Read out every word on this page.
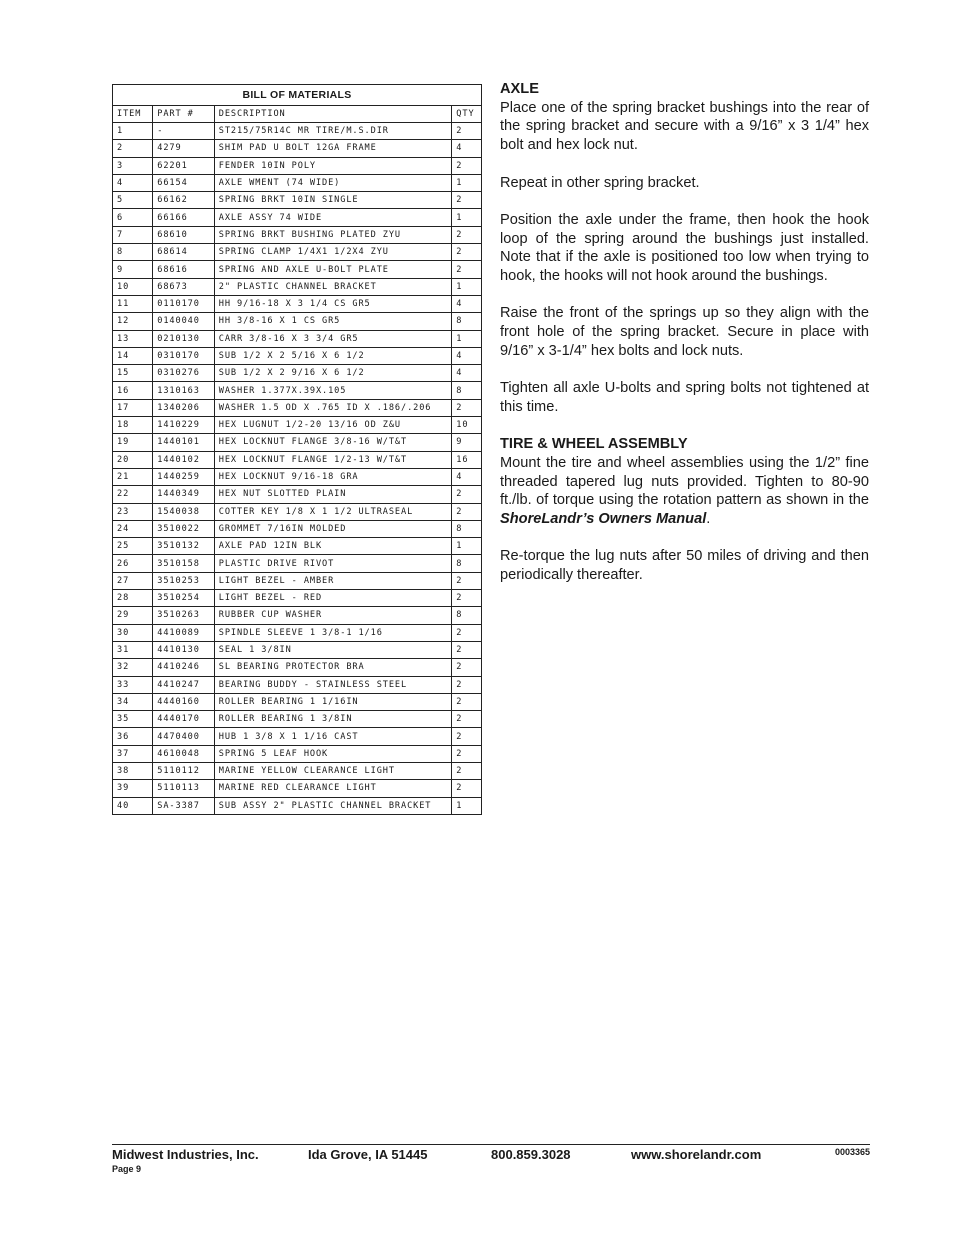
BILL OF MATERIALS			
ITEM	PART #	DESCRIPTION	QTY
1	-	ST215/75R14C MR TIRE/M.S.DIR	2
2	4279	SHIM PAD U BOLT 12GA FRAME	4
3	62201	FENDER 10IN POLY	2
4	66154	AXLE WMENT (74 WIDE)	1
5	66162	SPRING BRKT 10IN SINGLE	2
6	66166	AXLE ASSY 74 WIDE	1
7	68610	SPRING BRKT BUSHING PLATED ZYU	2
8	68614	SPRING CLAMP 1/4X1 1/2X4 ZYU	2
9	68616	SPRING AND AXLE U-BOLT PLATE	2
10	68673	2" PLASTIC CHANNEL BRACKET	1
11	0110170	HH 9/16-18 X 3 1/4 CS GR5	4
12	0140040	HH 3/8-16 X 1 CS GR5	8
13	0210130	CARR 3/8-16 X 3 3/4 GR5	1
14	0310170	SUB 1/2 X 2 5/16 X 6 1/2	4
15	0310276	SUB 1/2 X 2 9/16 X 6 1/2	4
16	1310163	WASHER 1.377X.39X.105	8
17	1340206	WASHER 1.5 OD X .765 ID X .186/.206	2
18	1410229	HEX LUGNUT 1/2-20 13/16 OD Z&U	10
19	1440101	HEX LOCKNUT FLANGE 3/8-16 W/T&T	9
20	1440102	HEX LOCKNUT FLANGE 1/2-13 W/T&T	16
21	1440259	HEX LOCKNUT 9/16-18 GRA	4
22	1440349	HEX NUT SLOTTED PLAIN	2
23	1540038	COTTER KEY 1/8 X 1 1/2 ULTRASEAL	2
24	3510022	GROMMET 7/16IN MOLDED	8
25	3510132	AXLE PAD 12IN BLK	1
26	3510158	PLASTIC DRIVE RIVOT	8
27	3510253	LIGHT BEZEL - AMBER	2
28	3510254	LIGHT BEZEL - RED	2
29	3510263	RUBBER CUP WASHER	8
30	4410089	SPINDLE SLEEVE 1 3/8-1 1/16	2
31	4410130	SEAL 1 3/8IN	2
32	4410246	SL BEARING PROTECTOR BRA	2
33	4410247	BEARING BUDDY - STAINLESS STEEL	2
34	4440160	ROLLER BEARING 1 1/16IN	2
35	4440170	ROLLER BEARING 1 3/8IN	2
36	4470400	HUB 1 3/8 X 1 1/16 CAST	2
37	4610048	SPRING 5 LEAF HOOK	2
38	5110112	MARINE YELLOW CLEARANCE LIGHT	2
39	5110113	MARINE RED CLEARANCE LIGHT	2
40	SA-3387	SUB ASSY 2" PLASTIC CHANNEL BRACKET	1
AXLE

Place one of the spring bracket bushings into the rear of the spring bracket and secure with a 9/16” x 3 1/4” hex bolt and hex lock nut.

Repeat in other spring bracket.

Position the axle under the frame, then hook the hook loop of the spring around the bushings just installed. Note that if the axle is positioned too low when trying to hook, the hooks will not hook around the bushings.

Raise the front of the springs up so they align with the front hole of the spring bracket. Secure in place with 9/16” x 3-1/4” hex bolts and lock nuts.

Tighten all axle U-bolts and spring bolts not tightened at this time.

TIRE & WHEEL ASSEMBLY

Mount the tire and wheel assemblies using the 1/2” fine threaded tapered lug nuts provided. Tighten to 80-90 ft./lb. of torque using the rotation pattern as shown in the ShoreLandr’s Owners Manual.

Re-torque the lug nuts after 50 miles of driving and then periodically thereafter.

Midwest Industries, Inc.	Ida Grove, IA 51445	800.859.3028	www.shorelandr.com	0003365
Page 9
